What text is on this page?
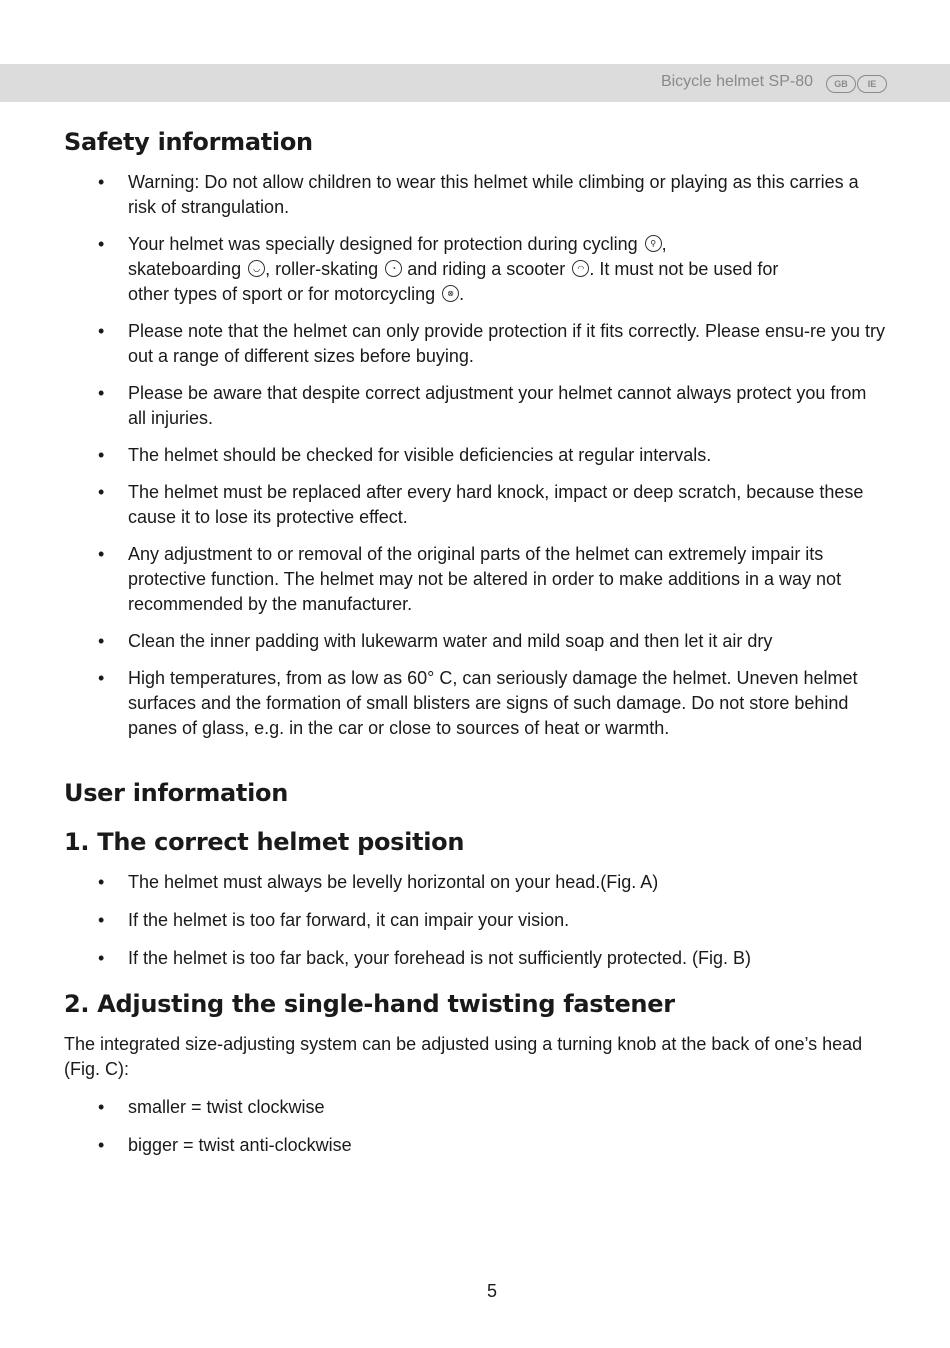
Bicycle helmet SP-80	GB	IE
Safety information
• Warning: Do not allow children to wear this helmet while climbing or playing as this carries a risk of strangulation.
• Your helmet was specially designed for protection during cycling ⚲ ,
skateboarding ◡ , roller-skating ◔ and riding a scooter ◠ . It must not be used for
other types of sport or for motorcycling ⊗ .
• Please note that the helmet can only provide protection if it fits correctly. Please ensu-re you try out a range of different sizes before buying.
• Please be aware that despite correct adjustment your helmet cannot always protect you from all injuries.
• The helmet should be checked for visible deficiencies at regular intervals.
• The helmet must be replaced after every hard knock, impact or deep scratch, because these cause it to lose its protective effect.
• Any adjustment to or removal of the original parts of the helmet can extremely impair its protective function. The helmet may not be altered in order to make additions in a way not recommended by the manufacturer.
• Clean the inner padding with lukewarm water and mild soap and then let it air dry
• High temperatures, from as low as 60° C, can seriously damage the helmet. Uneven helmet surfaces and the formation of small blisters are signs of such damage. Do not store behind panes of glass, e.g. in the car or close to sources of heat or warmth.
User information
1. The correct helmet position
• The helmet must always be levelly horizontal on your head.(Fig. A)
• If the helmet is too far forward, it can impair your vision.
• If the helmet is too far back, your forehead is not sufficiently protected. (Fig. B)
2. Adjusting the single-hand twisting fastener

The integrated size-adjusting system can be adjusted using a turning knob at the back of one’s head (Fig. C):

• smaller = twist clockwise
• bigger = twist anti-clockwise
5
